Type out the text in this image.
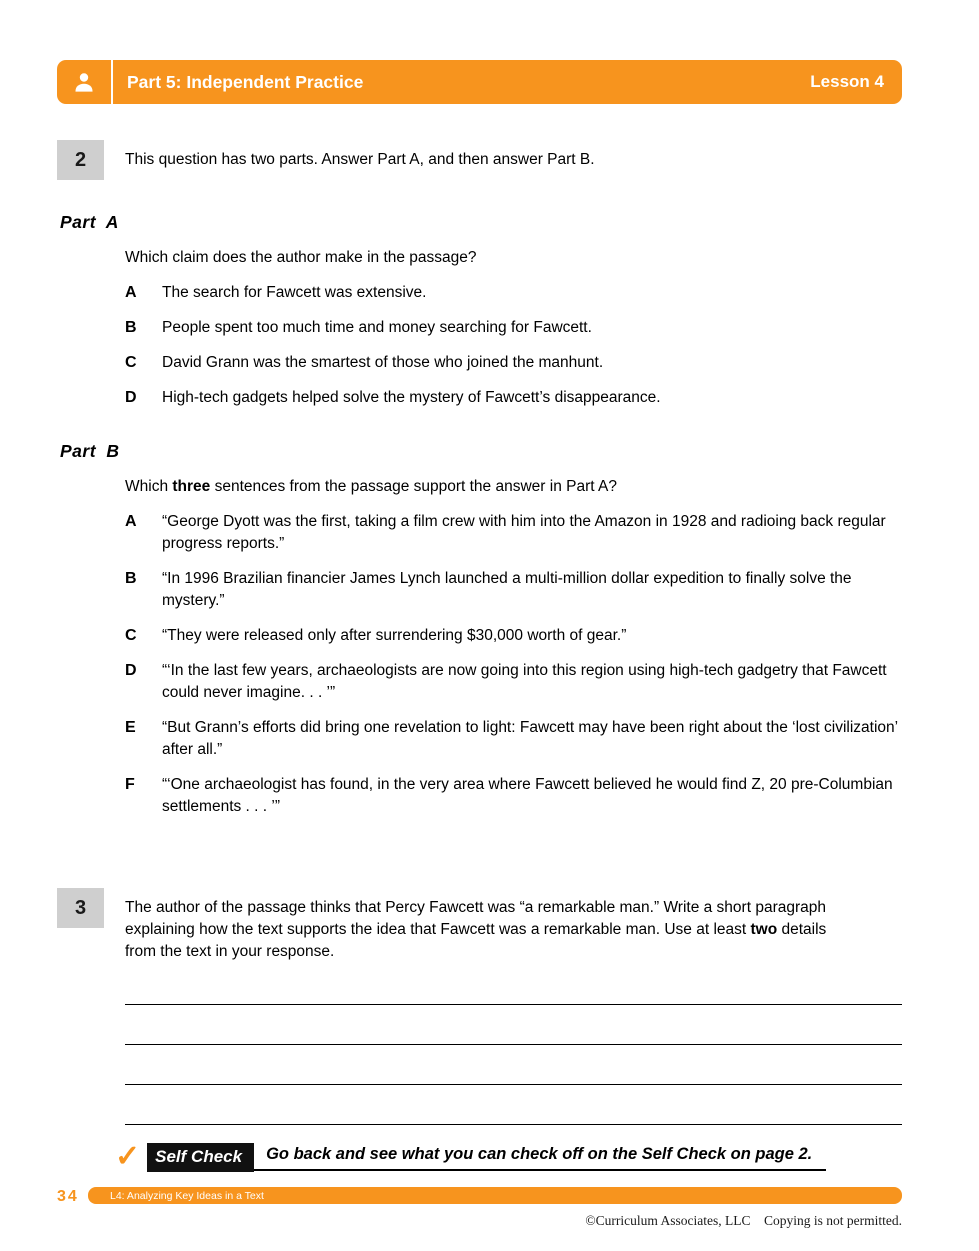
Part 5: Independent Practice	Lesson 4
2	This question has two parts. Answer Part A, and then answer Part B.
Part A

Which claim does the author make in the passage?

A	The search for Fawcett was extensive.
B	People spent too much time and money searching for Fawcett.
C	David Grann was the smartest of those who joined the manhunt.
D	High-tech gadgets helped solve the mystery of Fawcett’s disappearance.
Part B

Which three sentences from the passage support the answer in Part A?

A	“George Dyott was the first, taking a film crew with him into the Amazon in 1928 and radioing back regular progress reports.”
B	“In 1996 Brazilian financier James Lynch launched a multi-million dollar expedition to finally solve the mystery.”
C	“They were released only after surrendering $30,000 worth of gear.”
D	“‘In the last few years, archaeologists are now going into this region using high-tech gadgetry that Fawcett could never imagine. . . ’”
E	“But Grann’s efforts did bring one revelation to light: Fawcett may have been right about the ‘lost civilization’ after all.”
F	“‘One archaeologist has found, in the very area where Fawcett believed he would find Z, 20 pre-Columbian settlements . . . ’”
3	The author of the passage thinks that Percy Fawcett was “a remarkable man.” Write a short paragraph explaining how the text supports the idea that Fawcett was a remarkable man. Use at least two details from the text in your response.
✓ Self Check	Go back and see what you can check off on the Self Check on page 2.
34	L4: Analyzing Key Ideas in a Text
©Curriculum Associates, LLC    Copying is not permitted.
